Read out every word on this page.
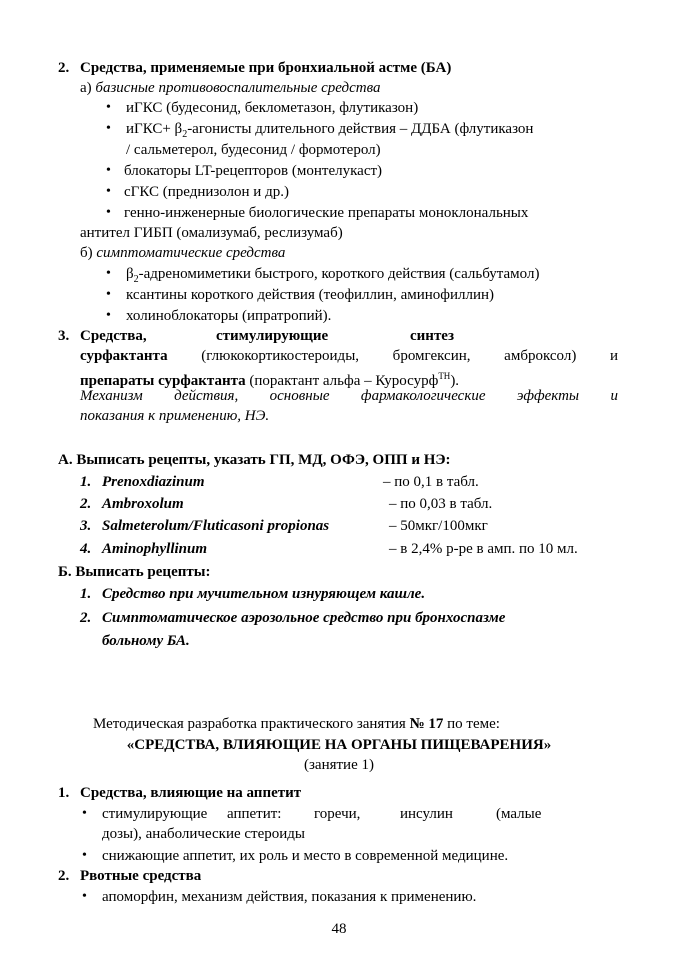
2. Средства, применяемые при бронхиальной астме (БА)
а) базисные противовоспалительные средства
• иГКС (будесонид, беклометазон, флутиказон)
• иГКС+ $\beta_2$-агонисты длительного действия – ДДБА (флутиказон
/ сальметерол, будесонид / формотерол)
• блокаторы LT-рецепторов (монтелукаст)
• сГКС (преднизолон и др.)
• генно-инженерные биологические препараты моноклональных
антител ГИБП (омализумаб, реслизумаб)
б) симптоматические средства
• $\beta_2$-адреномиметики быстрого, короткого действия (сальбутамол)
• ксантины короткого действия (теофиллин, аминофиллин)
• холиноблокаторы (ипратропий).
3. Средства,	стимулирующие	синтез
сурфактанта (глюкокортикостероиды, бромгексин, амброксол) и
препараты сурфактанта (порактант альфа – Куросурф$^{ТН}$).
Механизм действия, основные фармакологические эффекты и
показания к применению, НЭ.
А. Выписать рецепты, указать ГП, МД, ОФЭ, ОПП и НЭ:
1. Prenoxdiazinum	– по 0,1 в табл.
2. Ambroxolum	– по 0,03 в табл.
3. Salmeterolum/Fluticasoni propionas	– 50мкг/100мкг
4. Aminophyllinum	– в 2,4% р-ре в амп. по 10 мл.
Б. Выписать рецепты:
1. Средство при мучительном изнуряющем кашле.
2. Симптоматическое аэрозольное средство при бронхоспазме
больному БА.
Методическая разработка практического занятия № 17 по теме:
«СРЕДСТВА, ВЛИЯЮЩИЕ НА ОРГАНЫ ПИЩЕВАРЕНИЯ»
(занятие 1)
1. Средства, влияющие на аппетит
• стимулирующие аппетит: горечи,	инсулин	(малые
дозы), анаболические стероиды
• снижающие аппетит, их роль и место в современной медицине.
2. Рвотные средства
• апоморфин, механизм действия, показания к применению.
48
